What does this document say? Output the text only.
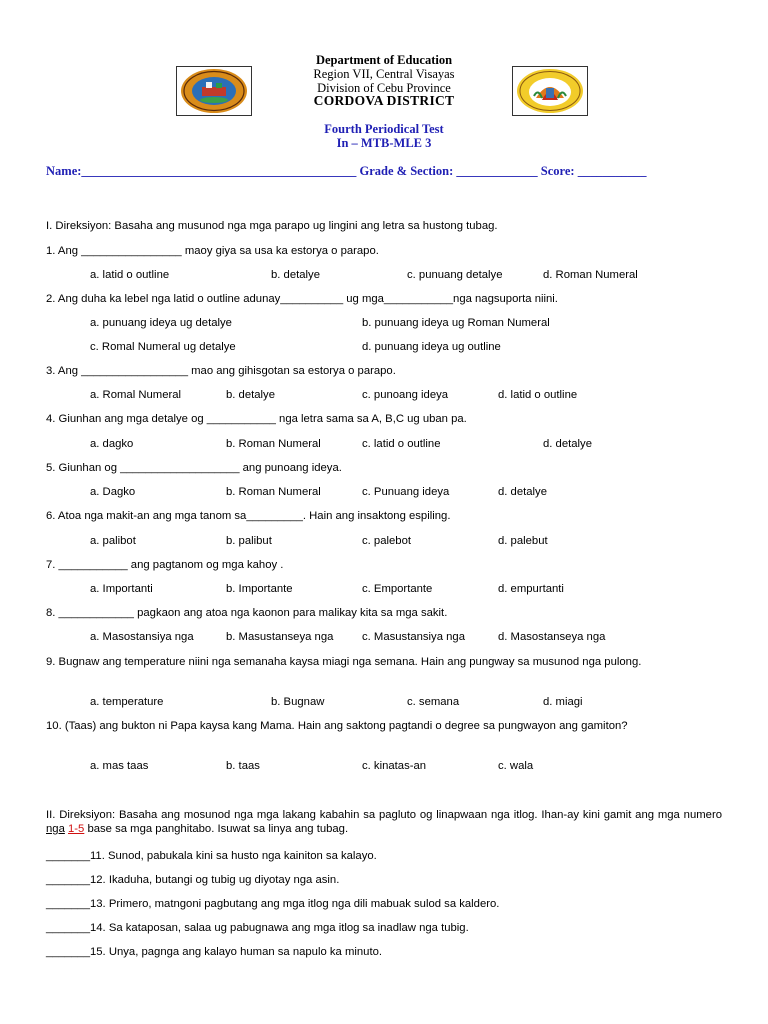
Department of Education
Region VII, Central Visayas
Division of Cebu Province
CORDOVA DISTRICT
Fourth Periodical Test
In – MTB-MLE 3
Name:____________________________________________ Grade & Section: _____________ Score: ___________
I. Direksiyon: Basaha ang musunod nga mga parapo ug lingini ang letra sa hustong tubag.
1. Ang ________________ maoy giya sa usa ka estorya o parapo.
a. latid o outline	b. detalye	c. punuang detalye	d. Roman Numeral
2. Ang duha ka lebel nga latid o outline adunay__________ ug mga___________nga nagsuporta niini.
a. punuang ideya ug detalye	b. punuang ideya ug Roman Numeral
c. Romal Numeral ug detalye	d. punuang ideya ug outline
3. Ang _________________ mao ang gihisgotan sa estorya o parapo.
a. Romal Numeral	b. detalye	c. punoang ideya	d. latid o outline
4. Giunhan ang mga detalye og ___________ nga letra sama sa A, B,C ug uban pa.
a. dagko	b. Roman Numeral	c. latid o outline	d. detalye
5. Giunhan og ___________________ ang punoang ideya.
a. Dagko	b. Roman Numeral	c. Punuang ideya	d. detalye
6. Atoa nga makit-an ang mga tanom sa_________. Hain ang insaktong espiling.
a. palibot	b. palibut	c. palebot	d. palebut
7. ___________ ang pagtanom og mga kahoy .
a. Importanti	b. Importante	c. Emportante	d. empurtanti
8. ____________ pagkaon ang atoa nga kaonon para malikay kita sa mga sakit.
a. Masostansiya nga	b. Masustanseya nga	c. Masustansiya nga	d. Masostanseya nga
9. Bugnaw ang temperature niini nga semanaha kaysa miagi nga semana. Hain ang pungway sa musunod nga pulong.
a. temperature	b. Bugnaw	c. semana	d. miagi
10. (Taas) ang bukton ni Papa kaysa kang Mama. Hain ang saktong pagtandi o degree sa pungwayon ang gamiton?
a. mas taas	b. taas	c. kinatas-an	c. wala
II. Direksiyon: Basaha ang mosunod nga mga lakang kabahin sa pagluto og linapwaan nga itlog. Ihan-ay kini gamit ang mga numero nga 1-5 base sa mga panghitabo. Isuwat sa linya ang tubag.
_______11. Sunod, pabukala kini sa husto nga kainiton sa kalayo.
_______12. Ikaduha, butangi og tubig ug diyotay nga asin.
_______13. Primero, matngoni pagbutang ang mga itlog nga dili mabuak sulod sa kaldero.
_______14. Sa kataposan, salaa ug pabugnawa ang mga itlog sa inadlaw nga tubig.
_______15. Unya, pagnga ang kalayo human sa napulo ka minuto.
